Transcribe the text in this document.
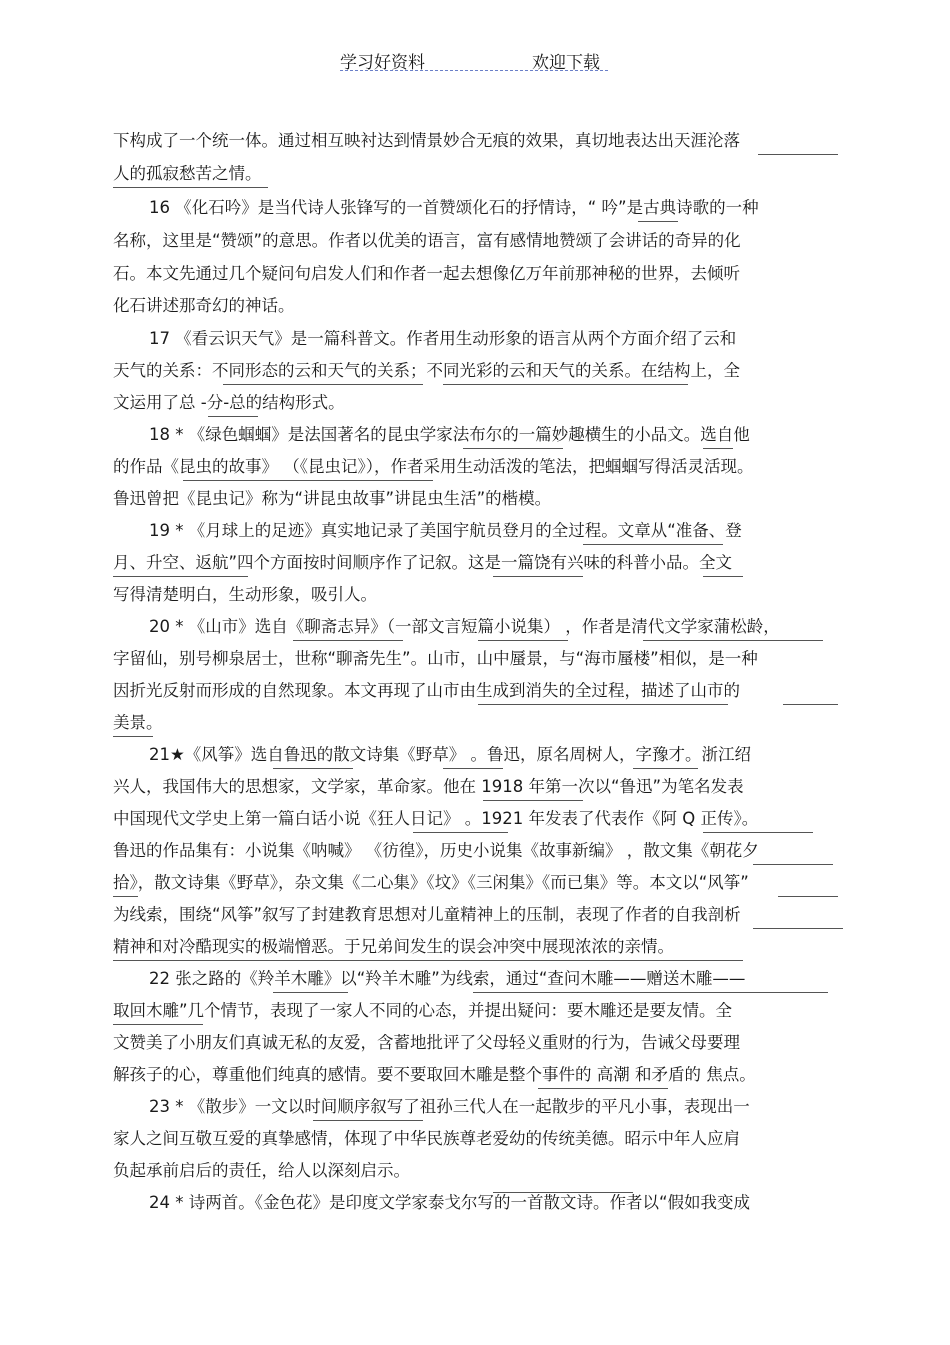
学习好资料	欢迎下载
下构成了一个统一体。通过相互映衬达到情景妙合无痕的效果，真切地表达出天涯沦落
人的孤寂愁苦之情。
16 《化石吟》是当代诗人张锋写的一首赞颂化石的抒情诗，“ 吟”是古典诗歌的一种
名称，这里是“赞颂”的意思。作者以优美的语言，富有感情地赞颂了会讲话的奇异的化
石。本文先通过几个疑问句启发人们和作者一起去想像亿万年前那神秘的世界，去倾听
化石讲述那奇幻的神话。
17 《看云识天气》是一篇科普文。作者用生动形象的语言从两个方面介绍了云和
天气的关系：不同形态的云和天气的关系；不同光彩的云和天气的关系。在结构上，全
文运用了总 -分-总的结构形式。
18 * 《绿色蝈蝈》是法国著名的昆虫学家法布尔的一篇妙趣横生的小品文。选自他
的作品《昆虫的故事》 （《昆虫记》），作者采用生动活泼的笔法，把蝈蝈写得活灵活现。
鲁迅曾把《昆虫记》称为“讲昆虫故事”讲昆虫生活”的楷模。
19 * 《月球上的足迹》真实地记录了美国宇航员登月的全过程。文章从“准备、登
月、升空、返航”四个方面按时间顺序作了记叙。这是一篇饶有兴味的科普小品。全文
写得清楚明白，生动形象，吸引人。
20 * 《山市》选自《聊斋志异》（一部文言短篇小说集） ，作者是清代文学家蒲松龄，
字留仙，别号柳泉居士，世称“聊斋先生”。山市，山中蜃景，与“海市蜃楼”相似，是一种
因折光反射而形成的自然现象。本文再现了山市由生成到消失的全过程，描述了山市的
美景。
21★《风筝》选自鲁迅的散文诗集《野草》 。鲁迅，原名周树人，字豫才。浙江绍
兴人，我国伟大的思想家，文学家，革命家。他在 1918 年第一次以“鲁迅”为笔名发表
中国现代文学史上第一篇白话小说《狂人日记》 。1921 年发表了代表作《阿 Q 正传》。
鲁迅的作品集有：小说集《呐喊》 《彷徨》，历史小说集《故事新编》 ，散文集《朝花夕
拾》，散文诗集《野草》，杂文集《二心集》《坟》《三闲集》《而已集》等。本文以“风筝”
为线索，围绕“风筝”叙写了封建教育思想对儿童精神上的压制，表现了作者的自我剖析
精神和对冷酷现实的极端憎恶。于兄弟间发生的误会冲突中展现浓浓的亲情。
22 张之路的《羚羊木雕》以“羚羊木雕”为线索，通过“查问木雕——赠送木雕——
取回木雕”几个情节，表现了一家人不同的心态，并提出疑问：要木雕还是要友情。全
文赞美了小朋友们真诚无私的友爱，含蓄地批评了父母轻义重财的行为，告诫父母要理
解孩子的心，尊重他们纯真的感情。要不要取回木雕是整个事件的 高潮 和矛盾的 焦点。
23 * 《散步》一文以时间顺序叙写了祖孙三代人在一起散步的平凡小事，表现出一
家人之间互敬互爱的真挚感情，体现了中华民族尊老爱幼的传统美德。昭示中年人应肩
负起承前启后的责任，给人以深刻启示。
24 * 诗两首。《金色花》是印度文学家泰戈尔写的一首散文诗。作者以“假如我变成
